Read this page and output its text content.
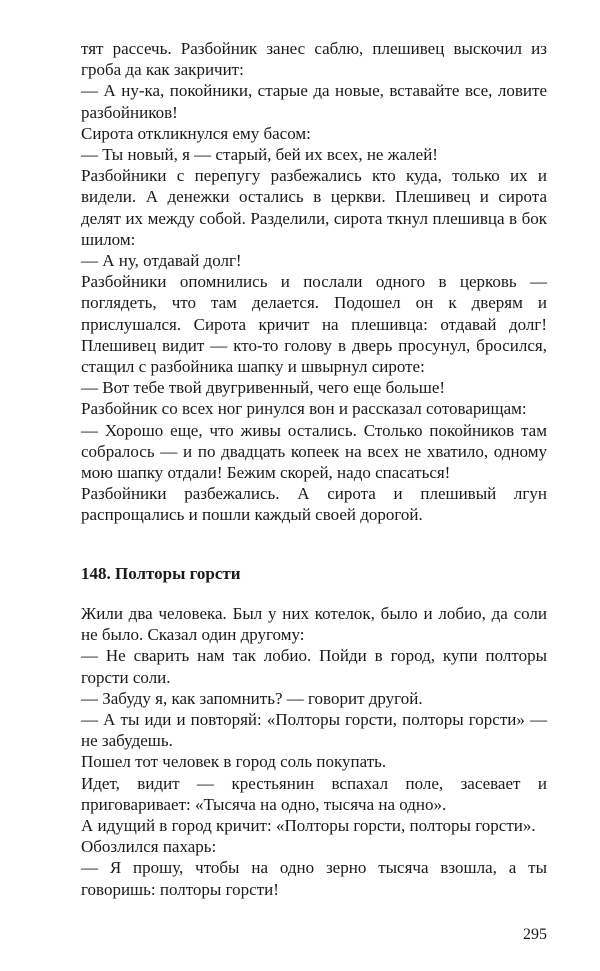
тят рассечь. Разбойник занес саблю, плешивец выскочил из гроба да как закричит:

— А ну-ка, покойники, старые да новые, вставайте все, ловите разбойников!

Сирота откликнулся ему басом:

— Ты новый, я — старый, бей их всех, не жалей!

Разбойники с перепугу разбежались кто куда, только их и видели. А денежки остались в церкви. Плешивец и сирота делят их между собой. Разделили, сирота ткнул плешивца в бок шилом:

— А ну, отдавай долг!

Разбойники опомнились и послали одного в церковь — поглядеть, что там делается. Подошел он к дверям и прислушался. Сирота кричит на плешивца: отдавай долг! Плешивец видит — кто-то голову в дверь просунул, бросился, стащил с разбойника шапку и швырнул сироте:

— Вот тебе твой двугривенный, чего еще больше!

Разбойник со всех ног ринулся вон и рассказал сотоварищам:

— Хорошо еще, что живы остались. Столько покойников там собралось — и по двадцать копеек на всех не хватило, одному мою шапку отдали! Бежим скорей, надо спасаться!

Разбойники разбежались. А сирота и плешивый лгун распрощались и пошли каждый своей дорогой.

148. Полторы горсти

Жили два человека. Был у них котелок, было и лобио, да соли не было. Сказал один другому:

— Не сварить нам так лобио. Пойди в город, купи полторы горсти соли.

— Забуду я, как запомнить? — говорит другой.

— А ты иди и повторяй: «Полторы горсти, полторы горсти» — не забудешь.

Пошел тот человек в город соль покупать.

Идет, видит — крестьянин вспахал поле, засевает и приговаривает: «Тысяча на одно, тысяча на одно».

А идущий в город кричит: «Полторы горсти, полторы горсти».

Обозлился пахарь:

— Я прошу, чтобы на одно зерно тысяча взошла, а ты говоришь: полторы горсти!

295
